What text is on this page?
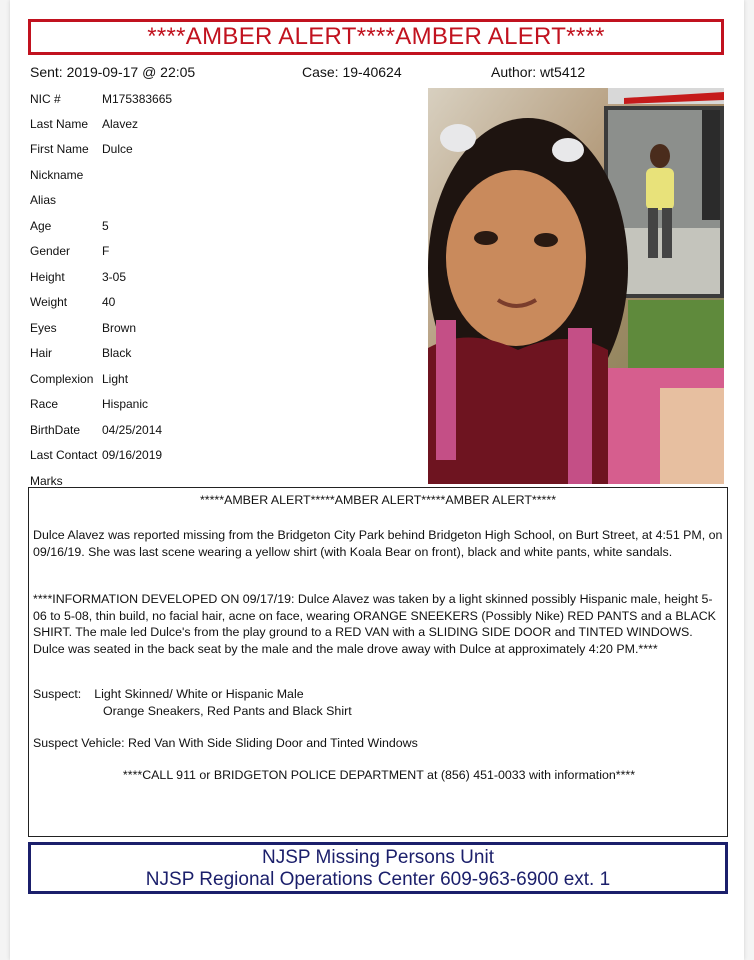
****AMBER ALERT****AMBER ALERT****
Sent: 2019-09-17 @ 22:05	Case: 19-40624	Author: wt5412
NIC #	M175383665
Last Name Alavez
First Name Dulce
Nickname
Alias
Age	5
Gender	F
Height	3-05
Weight	40
Eyes	Brown
Hair	Black
Complexion Light
Race	Hispanic
BirthDate 04/25/2014
Last Contact 09/16/2019
Marks
*****AMBER ALERT*****AMBER ALERT*****AMBER ALERT*****

Dulce Alavez was reported missing from the Bridgeton City Park behind Bridgeton High School, on Burt Street, at 4:51 PM, on 09/16/19. She was last scene wearing a yellow shirt (with Koala Bear on front), black and white pants, white sandals.

****INFORMATION DEVELOPED ON 09/17/19: Dulce Alavez was taken by a light skinned possibly Hispanic male, height 5-06 to 5-08, thin build, no facial hair, acne on face, wearing ORANGE SNEEKERS (Possibly Nike) RED PANTS and a BLACK SHIRT. The male led Dulce's from the play ground to a RED VAN with a SLIDING SIDE DOOR and TINTED WINDOWS. Dulce was seated in the back seat by the male and the male drove away with Dulce at approximately 4:20 PM.****

Suspect: Light Skinned/ White or Hispanic Male

Orange Sneakers, Red Pants and Black Shirt

Suspect Vehicle: Red Van With Side Sliding Door and Tinted Windows

****CALL 911 or BRIDGETON POLICE DEPARTMENT at (856) 451-0033 with information****

NJSP Missing Persons Unit
NJSP Regional Operations Center 609-963-6900 ext. 1
